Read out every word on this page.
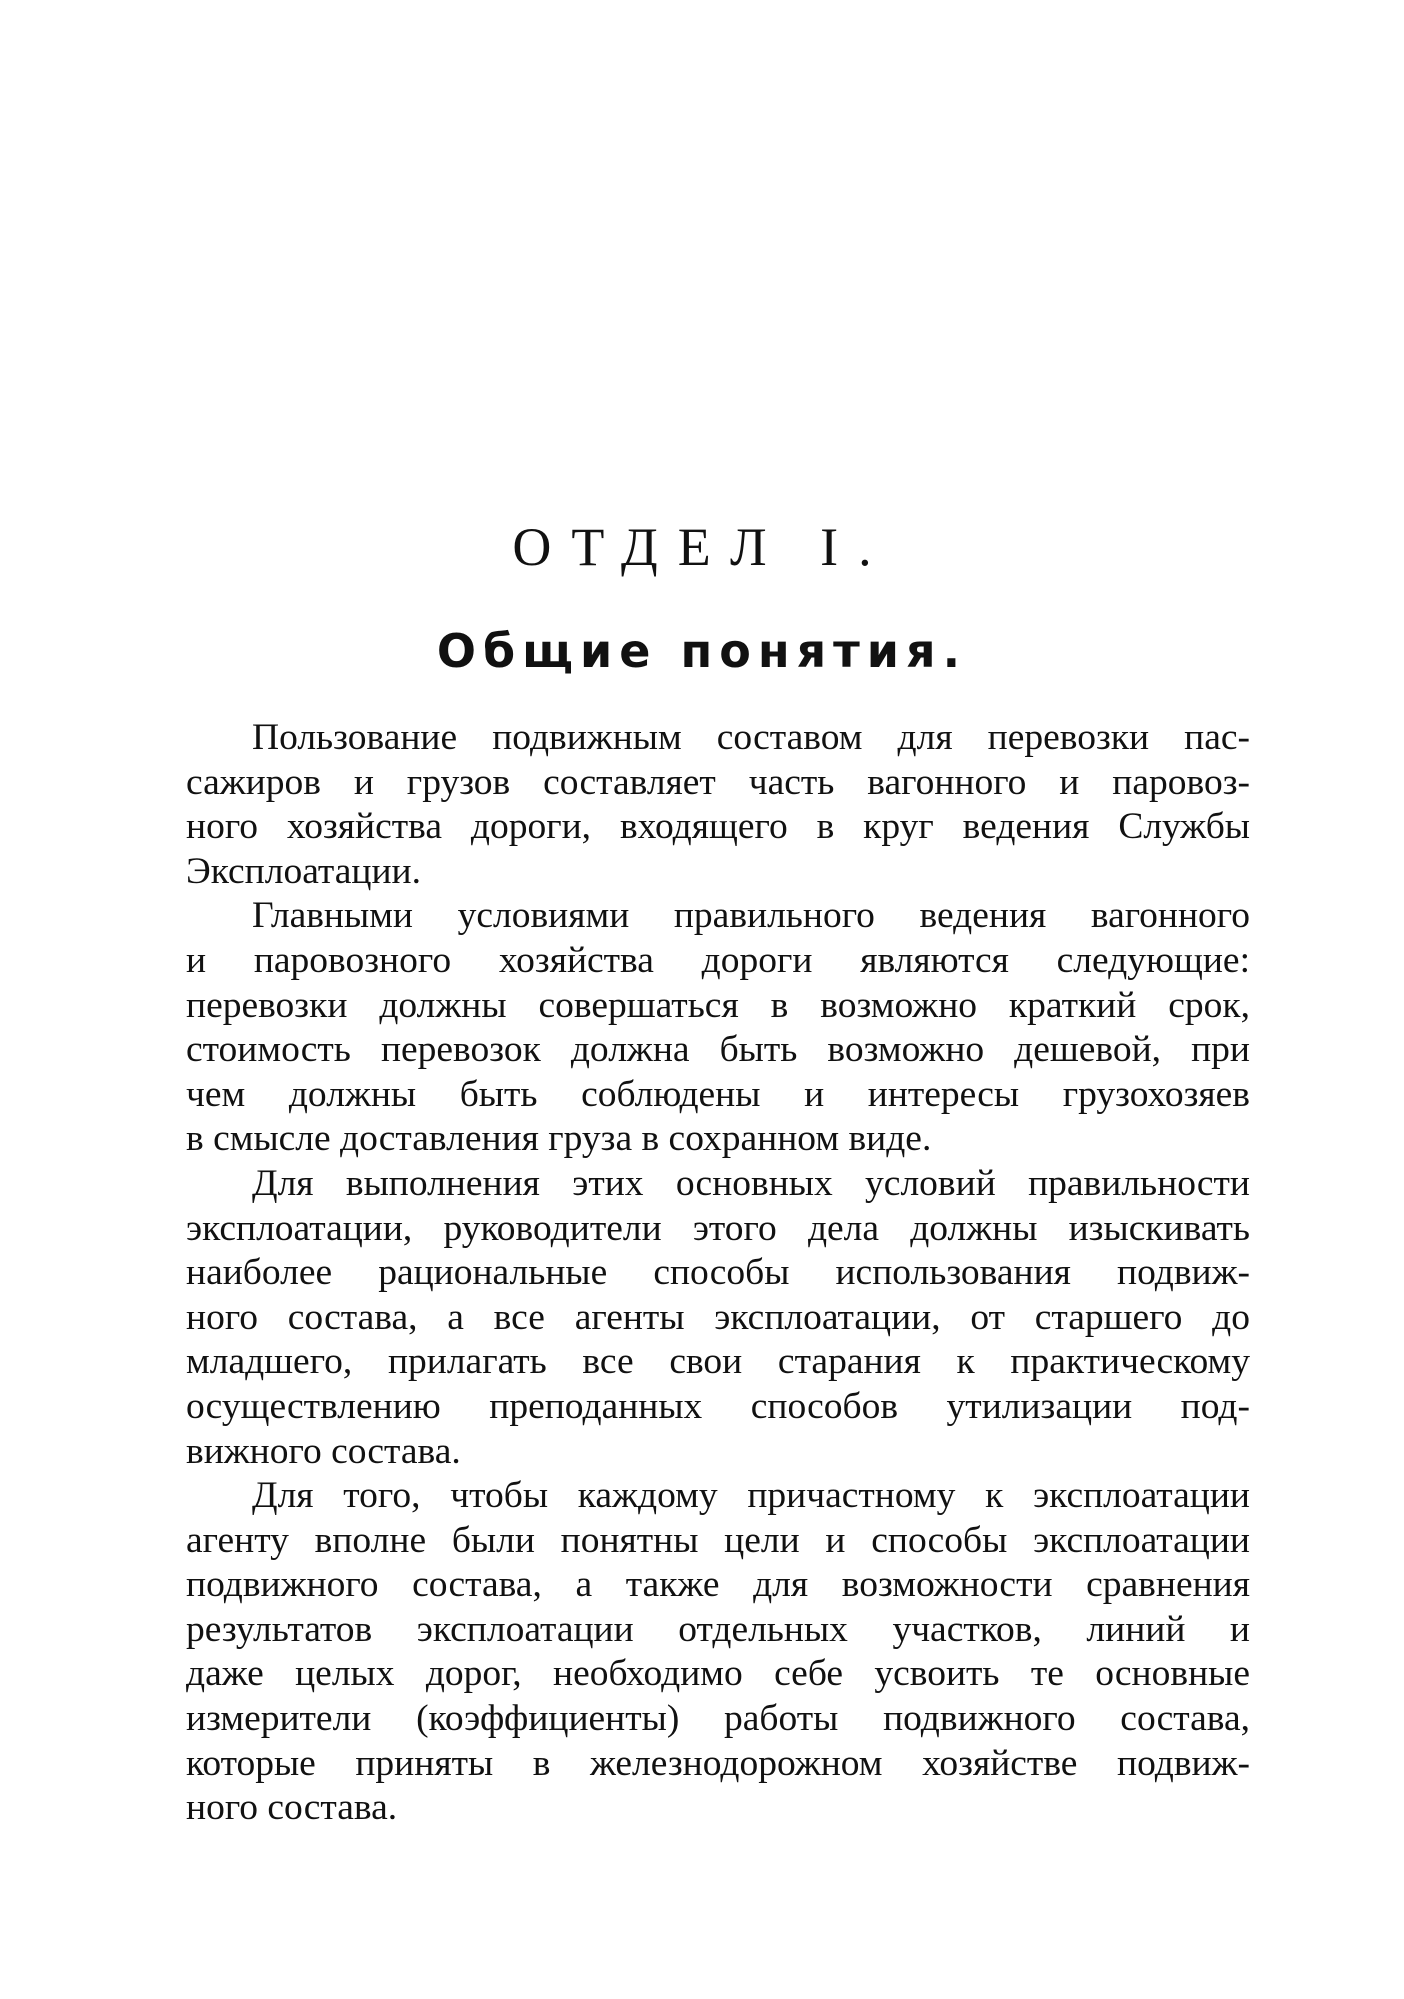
ОТДЕЛ I.
Общие понятия.
Пользование подвижным составом для перевозки пас-
сажиров и грузов составляет часть вагонного и паровоз-
ного хозяйства дороги, входящего в круг ведения Службы
Эксплоатации.
Главными условиями правильного ведения вагонного
и паровозного хозяйства дороги являются следующие:
перевозки должны совершаться в возможно краткий срок,
стоимость перевозок должна быть возможно дешевой, при
чем должны быть соблюдены и интересы грузохозяев
в смысле доставления груза в сохранном виде.
Для выполнения этих основных условий правильности
эксплоатации, руководители этого дела должны изыскивать
наиболее рациональные способы использования подвиж-
ного состава, а все агенты эксплоатации, от старшего до
младшего, прилагать все свои старания к практическому
осуществлению преподанных способов утилизации под-
вижного состава.
Для того, чтобы каждому причастному к эксплоатации
агенту вполне были понятны цели и способы эксплоатации
подвижного состава, а также для возможности сравнения
результатов эксплоатации отдельных участков, линий и
даже целых дорог, необходимо себе усвоить те основные
измерители (коэффициенты) работы подвижного состава,
которые приняты в железнодорожном хозяйстве подвиж-
ного состава.
